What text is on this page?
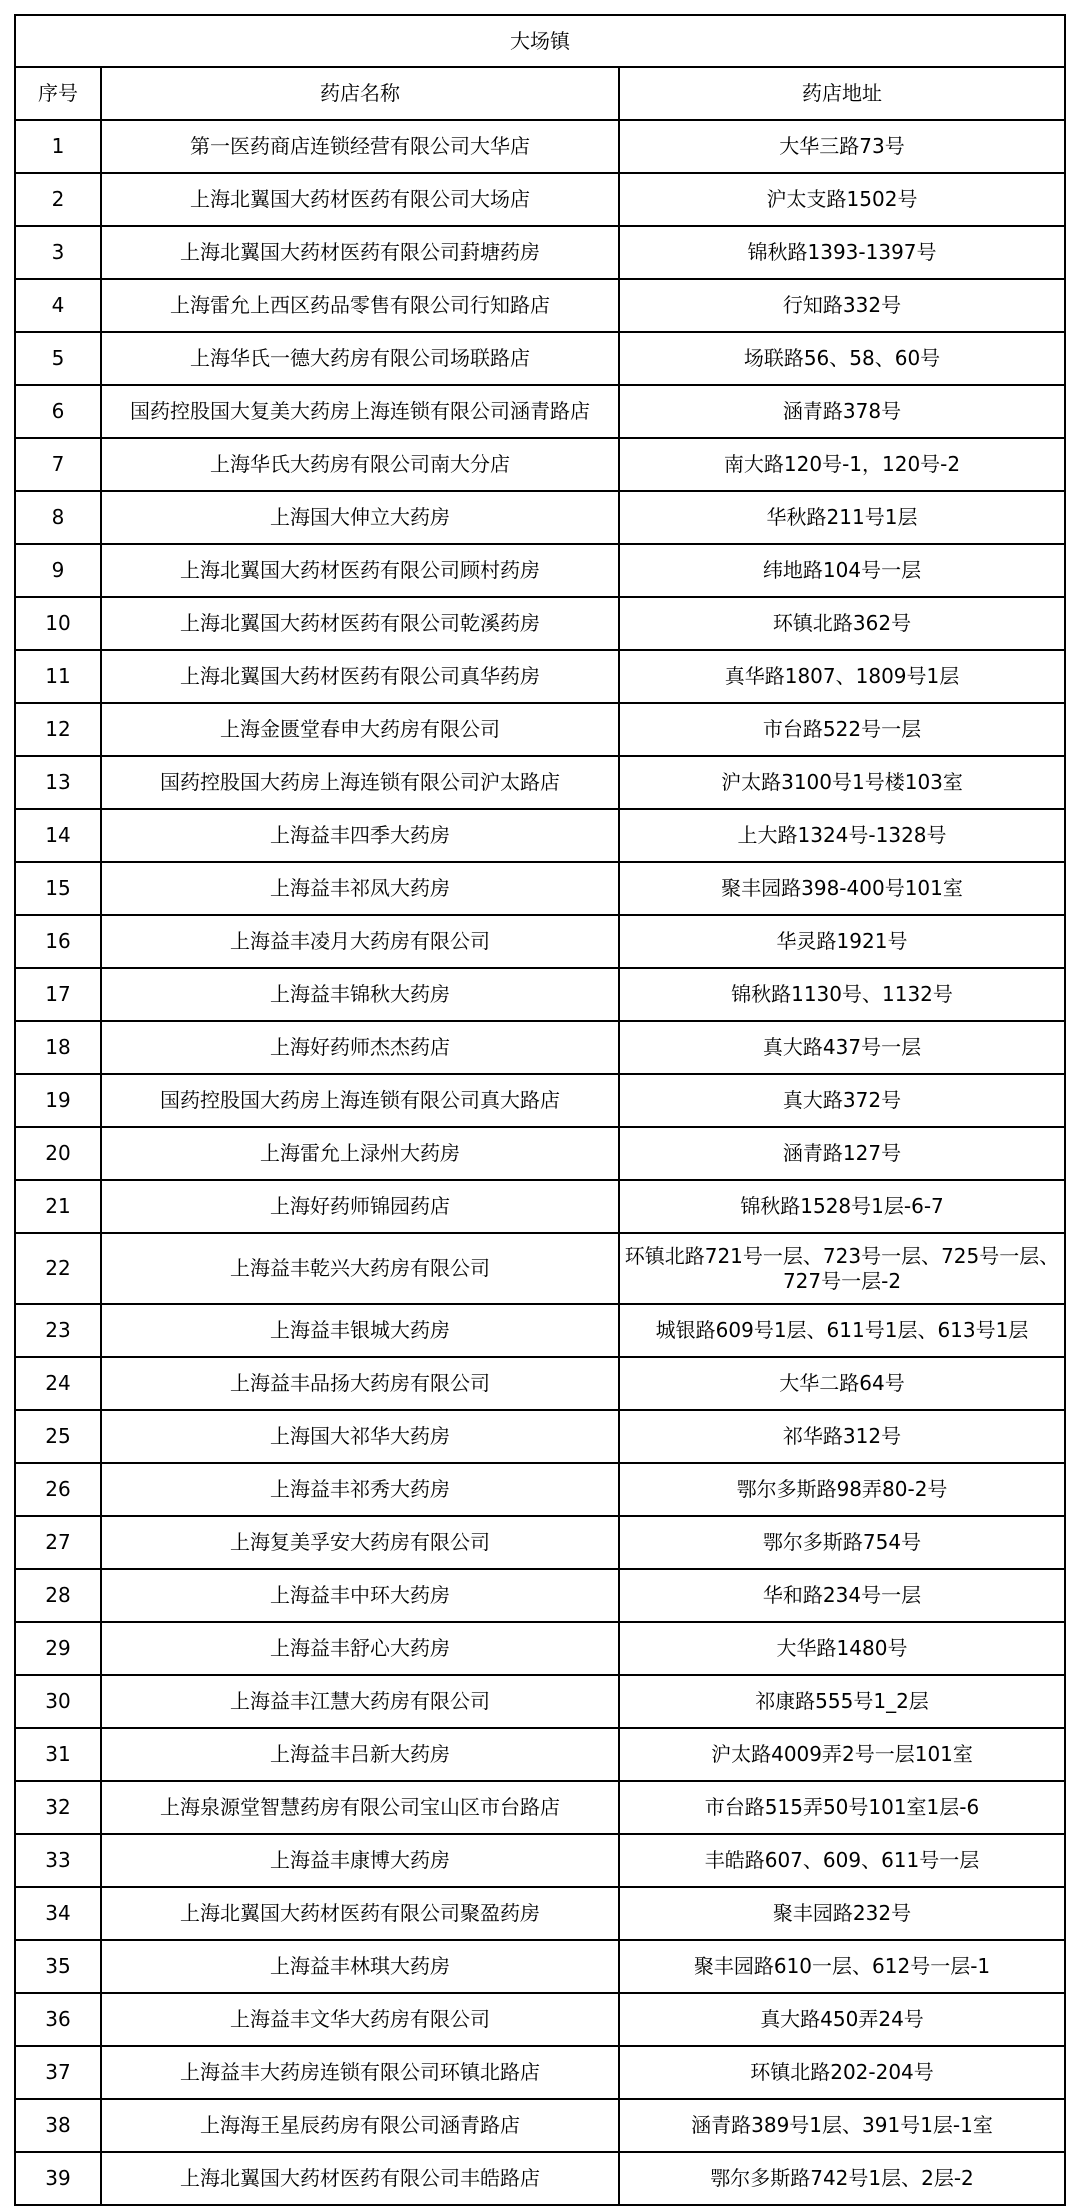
大场镇		
序号	药店名称	药店地址
1	第一医药商店连锁经营有限公司大华店	大华三路73号
2	上海北翼国大药材医药有限公司大场店	沪太支路1502号
3	上海北翼国大药材医药有限公司葑塘药房	锦秋路1393-1397号
4	上海雷允上西区药品零售有限公司行知路店	行知路332号
5	上海华氏一德大药房有限公司场联路店	场联路56、58、60号
6	国药控股国大复美大药房上海连锁有限公司涵青路店	涵青路378号
7	上海华氏大药房有限公司南大分店	南大路120号-1，120号-2
8	上海国大伸立大药房	华秋路211号1层
9	上海北翼国大药材医药有限公司顾村药房	纬地路104号一层
10	上海北翼国大药材医药有限公司乾溪药房	环镇北路362号
11	上海北翼国大药材医药有限公司真华药房	真华路1807、1809号1层
12	上海金匮堂春申大药房有限公司	市台路522号一层
13	国药控股国大药房上海连锁有限公司沪太路店	沪太路3100号1号楼103室
14	上海益丰四季大药房	上大路1324号-1328号
15	上海益丰祁凤大药房	聚丰园路398-400号101室
16	上海益丰凌月大药房有限公司	华灵路1921号
17	上海益丰锦秋大药房	锦秋路1130号、1132号
18	上海好药师杰杰药店	真大路437号一层
19	国药控股国大药房上海连锁有限公司真大路店	真大路372号
20	上海雷允上渌州大药房	涵青路127号
21	上海好药师锦园药店	锦秋路1528号1层-6-7
22	上海益丰乾兴大药房有限公司	环镇北路721号一层、723号一层、725号一层、727号一层-2
23	上海益丰银城大药房	城银路609号1层、611号1层、613号1层
24	上海益丰品扬大药房有限公司	大华二路64号
25	上海国大祁华大药房	祁华路312号
26	上海益丰祁秀大药房	鄂尔多斯路98弄80-2号
27	上海复美孚安大药房有限公司	鄂尔多斯路754号
28	上海益丰中环大药房	华和路234号一层
29	上海益丰舒心大药房	大华路1480号
30	上海益丰江慧大药房有限公司	祁康路555号1_2层
31	上海益丰吕新大药房	沪太路4009弄2号一层101室
32	上海泉源堂智慧药房有限公司宝山区市台路店	市台路515弄50号101室1层-6
33	上海益丰康博大药房	丰皓路607、609、611号一层
34	上海北翼国大药材医药有限公司聚盈药房	聚丰园路232号
35	上海益丰林琪大药房	聚丰园路610一层、612号一层-1
36	上海益丰文华大药房有限公司	真大路450弄24号
37	上海益丰大药房连锁有限公司环镇北路店	环镇北路202-204号
38	上海海王星辰药房有限公司涵青路店	涵青路389号1层、391号1层-1室
39	上海北翼国大药材医药有限公司丰皓路店	鄂尔多斯路742号1层、2层-2
